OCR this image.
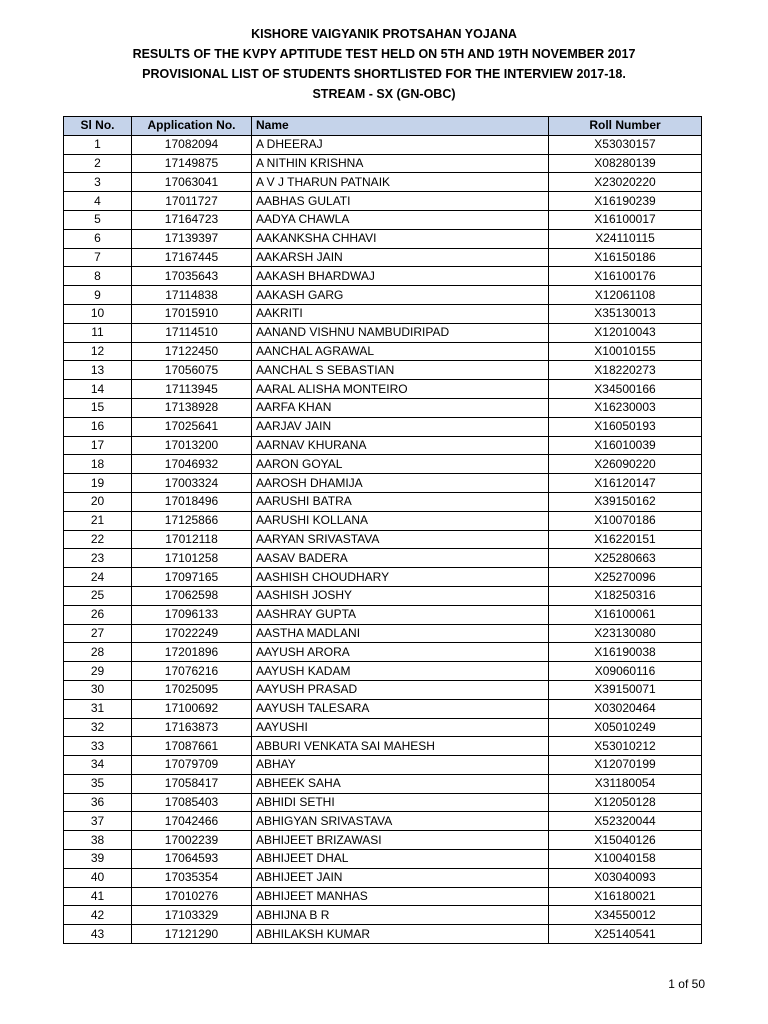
KISHORE VAIGYANIK PROTSAHAN YOJANA
RESULTS OF THE KVPY APTITUDE TEST HELD ON 5TH AND 19TH NOVEMBER 2017
PROVISIONAL LIST OF STUDENTS SHORTLISTED FOR THE INTERVIEW 2017-18.
STREAM - SX (GN-OBC)
Sl No.	Application No.	Name	Roll Number
1	17082094	A DHEERAJ	X53030157
2	17149875	A NITHIN KRISHNA	X08280139
3	17063041	A V J THARUN PATNAIK	X23020220
4	17011727	AABHAS GULATI	X16190239
5	17164723	AADYA CHAWLA	X16100017
6	17139397	AAKANKSHA CHHAVI	X24110115
7	17167445	AAKARSH JAIN	X16150186
8	17035643	AAKASH BHARDWAJ	X16100176
9	17114838	AAKASH GARG	X12061108
10	17015910	AAKRITI	X35130013
11	17114510	AANAND VISHNU NAMBUDIRIPAD	X12010043
12	17122450	AANCHAL AGRAWAL	X10010155
13	17056075	AANCHAL S SEBASTIAN	X18220273
14	17113945	AARAL ALISHA MONTEIRO	X34500166
15	17138928	AARFA KHAN	X16230003
16	17025641	AARJAV JAIN	X16050193
17	17013200	AARNAV KHURANA	X16010039
18	17046932	AARON GOYAL	X26090220
19	17003324	AAROSH DHAMIJA	X16120147
20	17018496	AARUSHI BATRA	X39150162
21	17125866	AARUSHI KOLLANA	X10070186
22	17012118	AARYAN SRIVASTAVA	X16220151
23	17101258	AASAV BADERA	X25280663
24	17097165	AASHISH CHOUDHARY	X25270096
25	17062598	AASHISH JOSHY	X18250316
26	17096133	AASHRAY GUPTA	X16100061
27	17022249	AASTHA MADLANI	X23130080
28	17201896	AAYUSH ARORA	X16190038
29	17076216	AAYUSH KADAM	X09060116
30	17025095	AAYUSH PRASAD	X39150071
31	17100692	AAYUSH TALESARA	X03020464
32	17163873	AAYUSHI	X05010249
33	17087661	ABBURI VENKATA SAI MAHESH	X53010212
34	17079709	ABHAY	X12070199
35	17058417	ABHEEK SAHA	X31180054
36	17085403	ABHIDI SETHI	X12050128
37	17042466	ABHIGYAN SRIVASTAVA	X52320044
38	17002239	ABHIJEET BRIZAWASI	X15040126
39	17064593	ABHIJEET DHAL	X10040158
40	17035354	ABHIJEET JAIN	X03040093
41	17010276	ABHIJEET MANHAS	X16180021
42	17103329	ABHIJNA B R	X34550012
43	17121290	ABHILAKSH KUMAR	X25140541
1 of 50
